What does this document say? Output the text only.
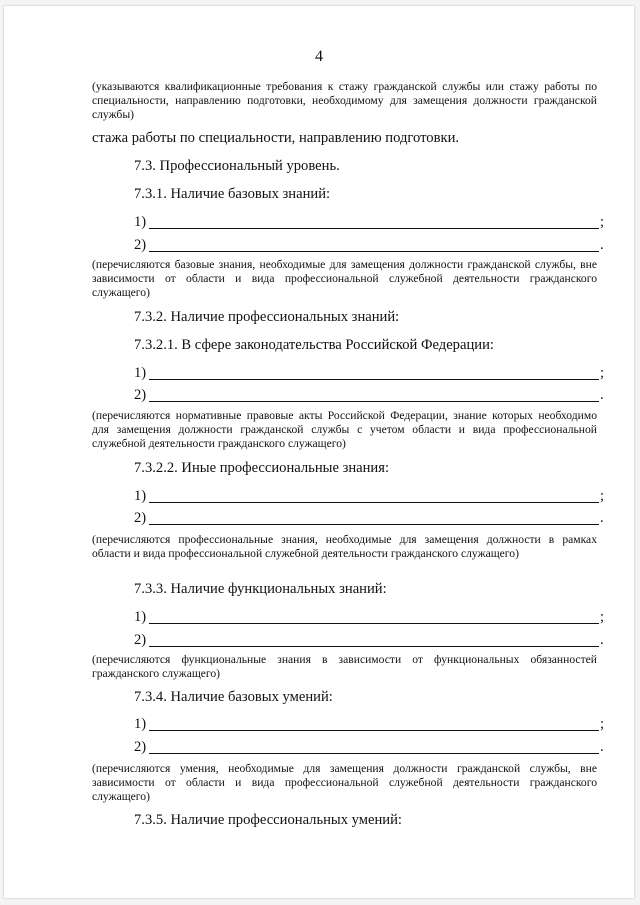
4
(указываются квалификационные требования к стажу гражданской службы или стажу работы по специальности, направлению подготовки, необходимому для замещения должности гражданской службы)
стажа работы по специальности, направлению подготовки.
7.3. Профессиональный уровень.
7.3.1. Наличие базовых знаний:
1)	;
2)	.
(перечисляются базовые знания, необходимые для замещения должности гражданской службы, вне зависимости от области и вида профессиональной служебной деятельности гражданского служащего)
7.3.2. Наличие профессиональных знаний:
7.3.2.1. В сфере законодательства Российской Федерации:
1)	;
2)	.
(перечисляются нормативные правовые акты Российской Федерации, знание которых необходимо для замещения должности гражданской службы с учетом области и вида профессиональной служебной деятельности гражданского служащего)
7.3.2.2. Иные профессиональные знания:
1)	;
2)	.
(перечисляются профессиональные знания, необходимые для замещения должности в рамках области и вида профессиональной служебной деятельности гражданского служащего)
7.3.3. Наличие функциональных знаний:
1)	;
2)	.
(перечисляются функциональные знания в зависимости от функциональных обязанностей гражданского служащего)
7.3.4. Наличие базовых умений:
1)	;
2)	.
(перечисляются умения, необходимые для замещения должности гражданской службы, вне зависимости от области и вида профессиональной служебной деятельности гражданского служащего)
7.3.5. Наличие профессиональных умений:
